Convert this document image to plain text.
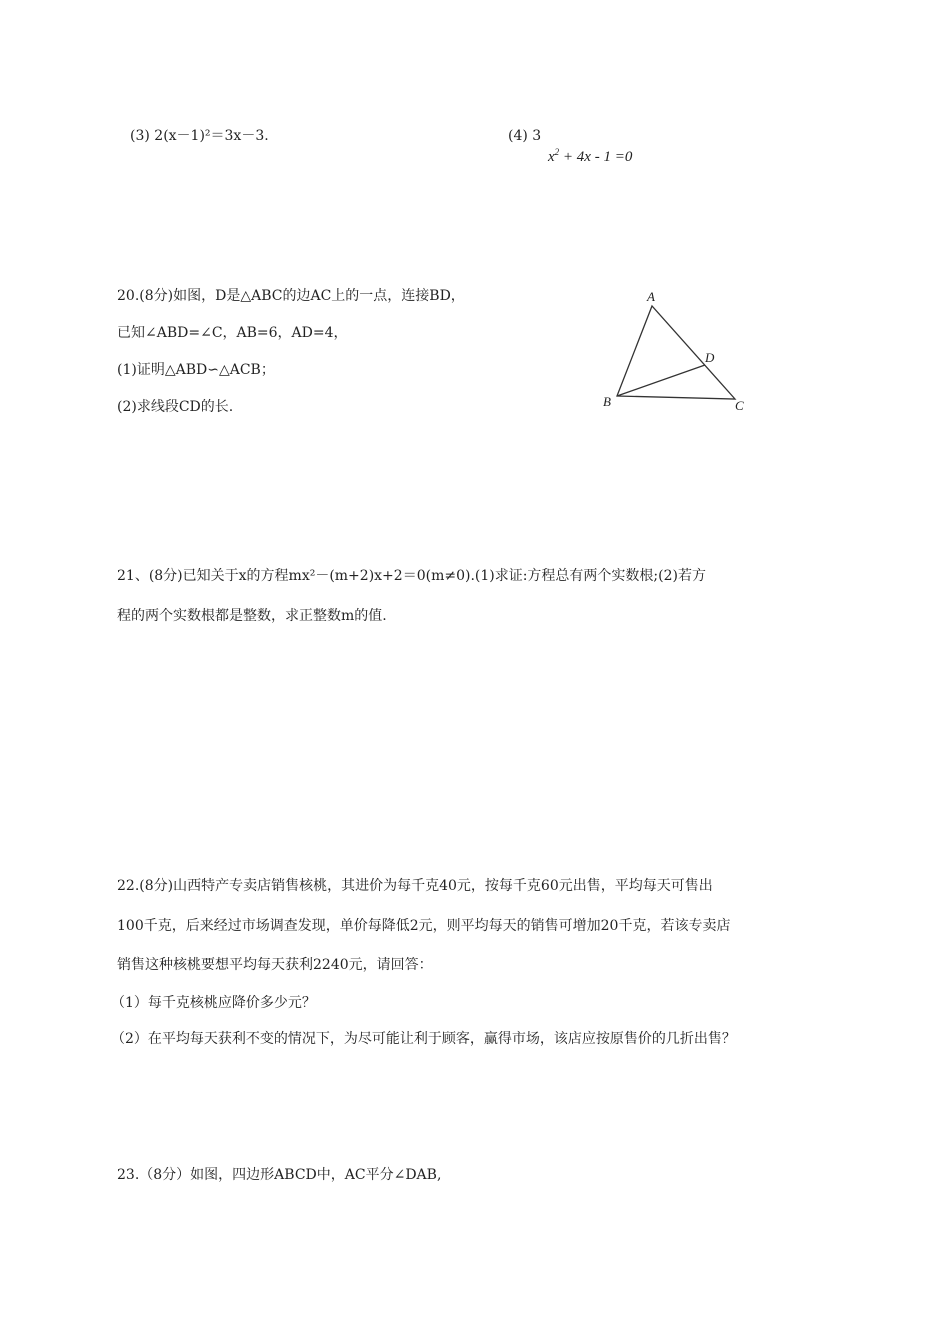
(3) 2(x－1)²＝3x－3.	(4) 3
$x^2 + 4x - 1 =0$
20.(8分)如图，D是△ABC的边AC上的一点，连接BD，
已知∠ABD=∠C，AB=6，AD=4，
(1)证明△ABD∽△ACB；
(2)求线段CD的长.
A
B	C
D
21、(8分)已知关于x的方程mx²－(m+2)x+2＝0(m≠0).(1)求证:方程总有两个实数根;(2)若方
程的两个实数根都是整数，求正整数m的值.
22.(8分)山西特产专卖店销售核桃，其进价为每千克40元，按每千克60元出售，平均每天可售出
100千克，后来经过市场调查发现，单价每降低2元，则平均每天的销售可增加20千克，若该专卖店
销售这种核桃要想平均每天获利2240元，请回答：
（1）每千克核桃应降价多少元？
（2）在平均每天获利不变的情况下，为尽可能让利于顾客，赢得市场，该店应按原售价的几折出售？
23.（8分）如图，四边形ABCD中，AC平分∠DAB,
